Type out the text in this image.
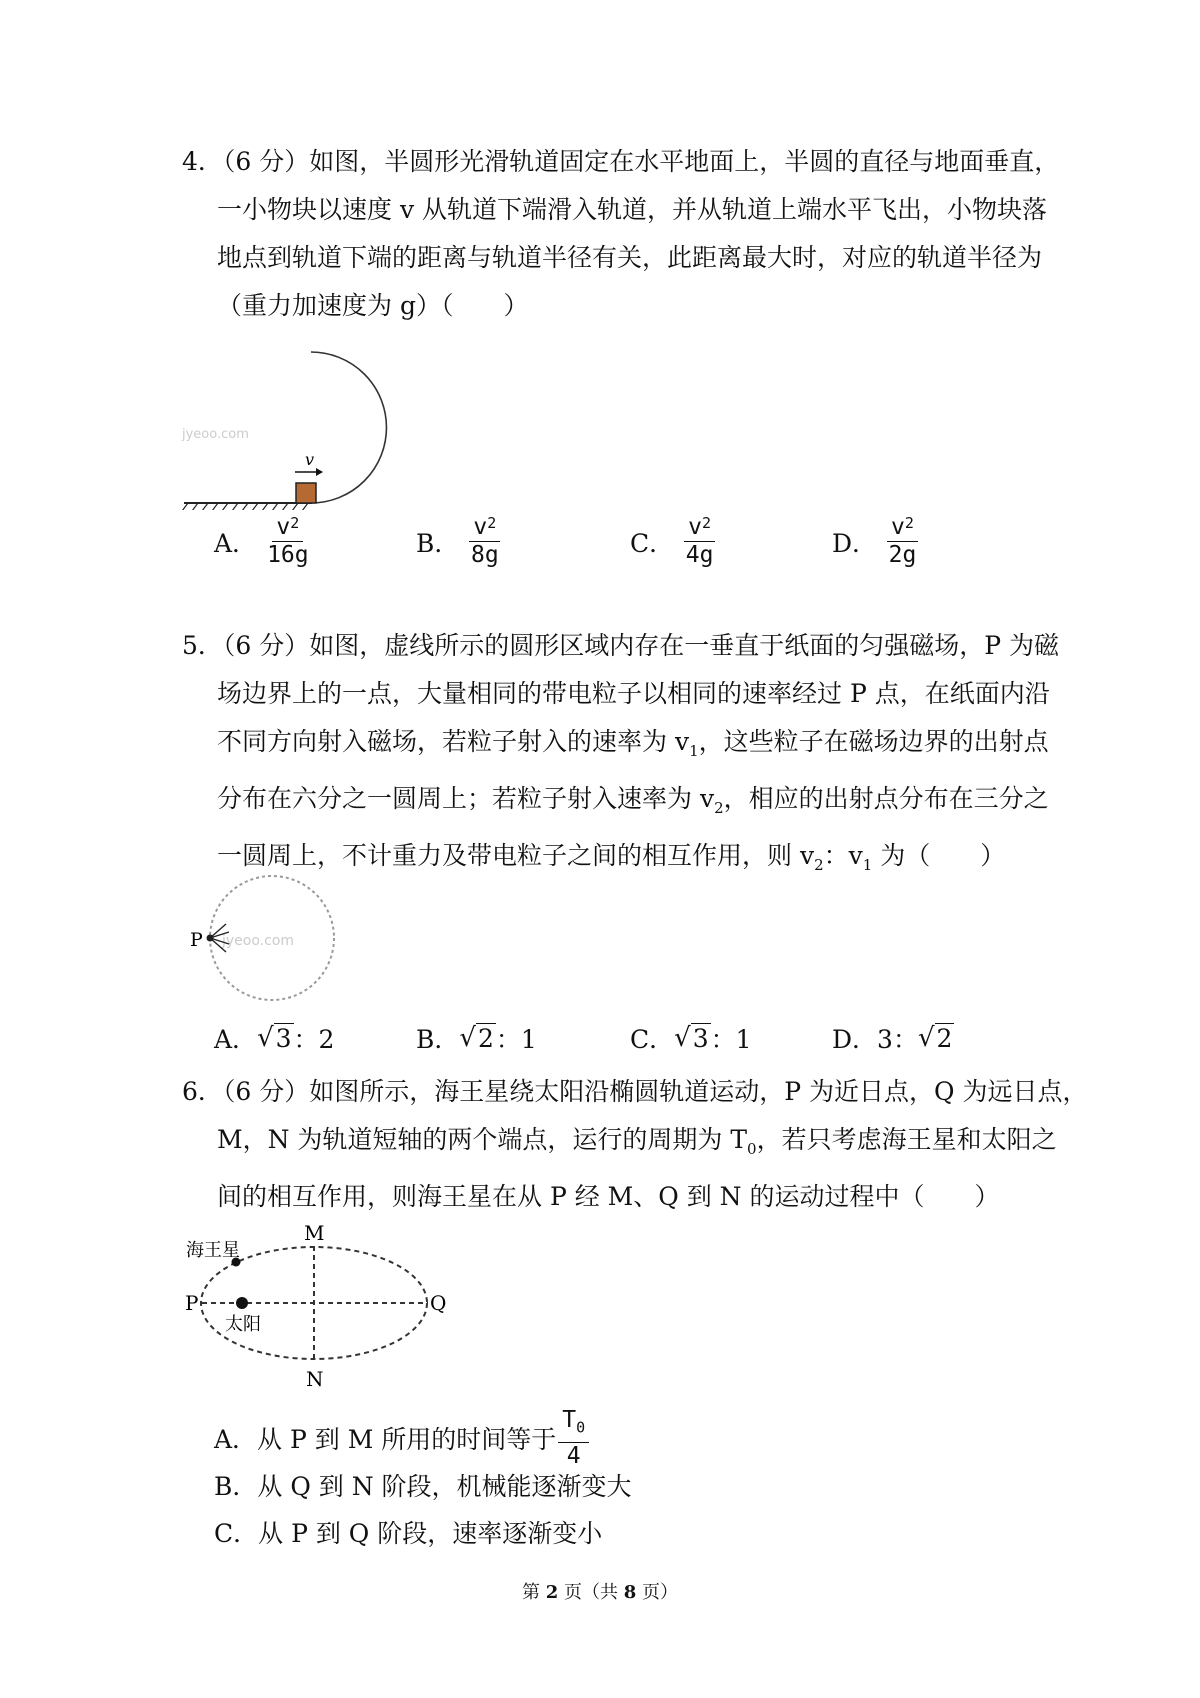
4．（6 分）如图，半圆形光滑轨道固定在水平地面上，半圆的直径与地面垂直，
一小物块以速度 v 从轨道下端滑入轨道，并从轨道上端水平飞出，小物块落
地点到轨道下端的距离与轨道半径有关，此距离最大时，对应的轨道半径为
（重力加速度为 g）（　　）
jyeoo.com
v
A． $\frac{v^2}{16g}$	B． $\frac{v^2}{8g}$	C． $\frac{v^2}{4g}$	D． $\frac{v^2}{2g}$
5．（6 分）如图，虚线所示的圆形区域内存在一垂直于纸面的匀强磁场，P 为磁
场边界上的一点，大量相同的带电粒子以相同的速率经过 P 点，在纸面内沿
不同方向射入磁场，若粒子射入的速率为 $v_1$，这些粒子在磁场边界的出射点
分布在六分之一圆周上；若粒子射入速率为 $v_2$，相应的出射点分布在三分之
一圆周上，不计重力及带电粒子之间的相互作用，则 $v_2$：$v_1$ 为（　　）
jyeoo.com
P
A． √ 3 ：2	B． √ 2 ：1	C． √ 3 ：1	D． 3： √ 2
6．（6 分）如图所示，海王星绕太阳沿椭圆轨道运动，P 为近日点，Q 为远日点，
M，N 为轨道短轴的两个端点，运行的周期为 $T_0$，若只考虑海王星和太阳之
间的相互作用，则海王星在从 P 经 M、Q 到 N 的运动过程中（　　）
海王星
太阳
M
N
P	Q
A．从 P 到 M 所用的时间等于 $\frac{T_0}{4}$
B．从 Q 到 N 阶段，机械能逐渐变大
C．从 P 到 Q 阶段，速率逐渐变小
第 2 页（共 8 页）
